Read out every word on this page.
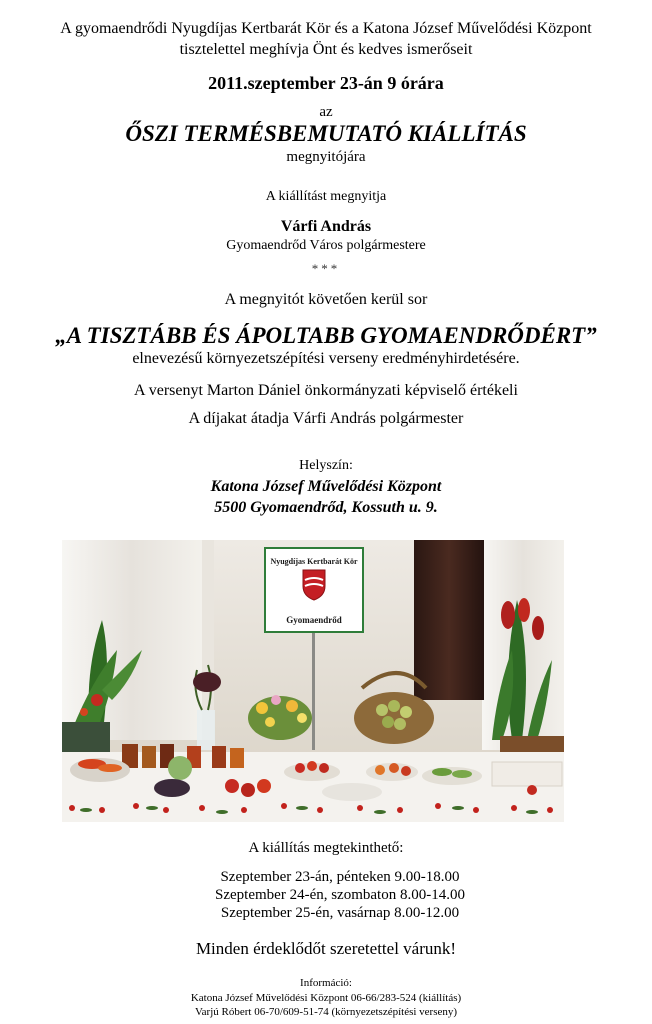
A gyomaendrődi Nyugdíjas Kertbarát Kör és a Katona József Művelődési Központ
tisztelettel meghívja Önt és kedves ismerőseit
2011.szeptember 23-án 9 órára
az
ŐSZI TERMÉSBEMUTATÓ KIÁLLÍTÁS
megnyitójára
A kiállítást megnyitja
Várfi András
Gyomaendrőd Város polgármestere
***
A megnyitót követően kerül sor
„A TISZTÁBB ÉS ÁPOLTABB GYOMAENDRŐDÉRT”
elnevezésű környezetszépítési verseny eredményhirdetésére.
A versenyt Marton Dániel önkormányzati képviselő értékeli
A díjakat átadja Várfi András polgármester
Helyszín:
Katona József Művelődési Központ
5500 Gyomaendrőd, Kossuth u. 9.
Nyugdíjas Kertbarát Kör
Gyomaendrőd
A kiállítás megtekinthető:
Szeptember 23-án, pénteken 9.00-18.00
Szeptember 24-én, szombaton 8.00-14.00
Szeptember 25-én, vasárnap 8.00-12.00
Minden érdeklődőt szeretettel várunk!
Információ:
Katona József Művelődési Központ 06-66/283-524 (kiállítás)
Varjú Róbert 06-70/609-51-74 (környezetszépítési verseny)
